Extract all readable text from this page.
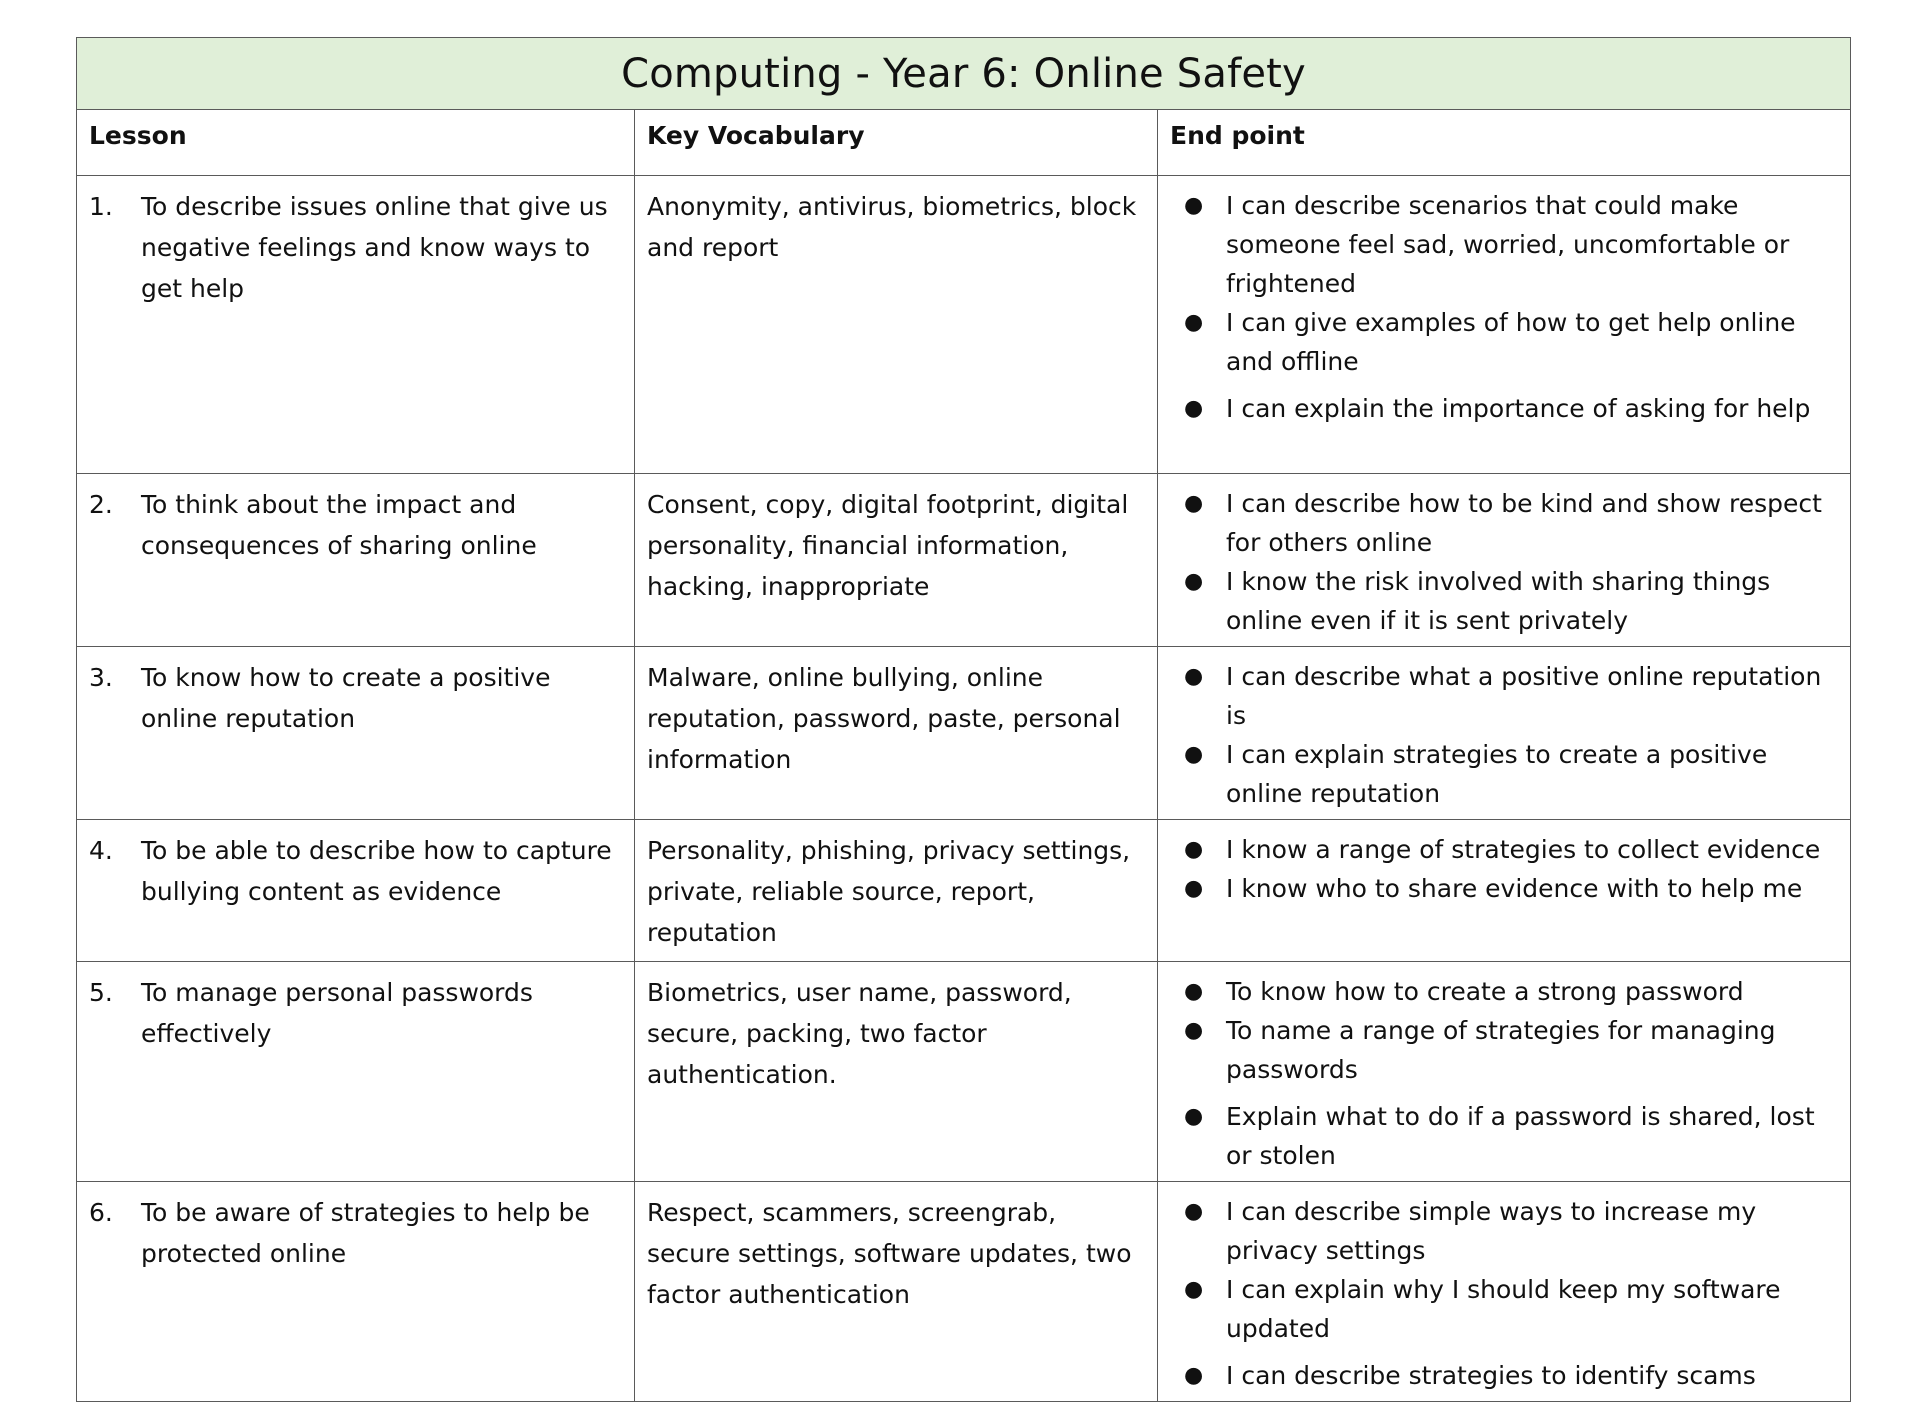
Computing - Year 6: Online Safety		
Lesson	Key Vocabulary	End point

1.	To describe issues online that give us negative feelings and know ways to get help
	Anonymity, antivirus, biometrics, block and report	
● I can describe scenarios that could make someone feel sad, worried, uncomfortable or frightened
● I can give examples of how to get help online and offline
● I can explain the importance of asking for help

2.	To think about the impact and consequences of sharing online
	Consent, copy, digital footprint, digital personality, financial information, hacking, inappropriate	
● I can describe how to be kind and show respect for others online
● I know the risk involved with sharing things online even if it is sent privately

3.	To know how to create a positive online reputation
	Malware, online bullying, online reputation, password, paste, personal information	
● I can describe what a positive online reputation is
● I can explain strategies to create a positive online reputation

4.	To be able to describe how to capture bullying content as evidence
	Personality, phishing, privacy settings, private, reliable source, report, reputation	
● I know a range of strategies to collect evidence
● I know who to share evidence with to help me

5.	To manage personal passwords effectively
	Biometrics, user name, password, secure, packing, two factor authentication.	
● To know how to create a strong password
● To name a range of strategies for managing passwords
● Explain what to do if a password is shared, lost or stolen

6.	To be aware of strategies to help be protected online
	Respect, scammers, screengrab, secure settings, software updates, two factor authentication	
● I can describe simple ways to increase my privacy settings
● I can explain why I should keep my software updated
● I can describe strategies to identify scams
